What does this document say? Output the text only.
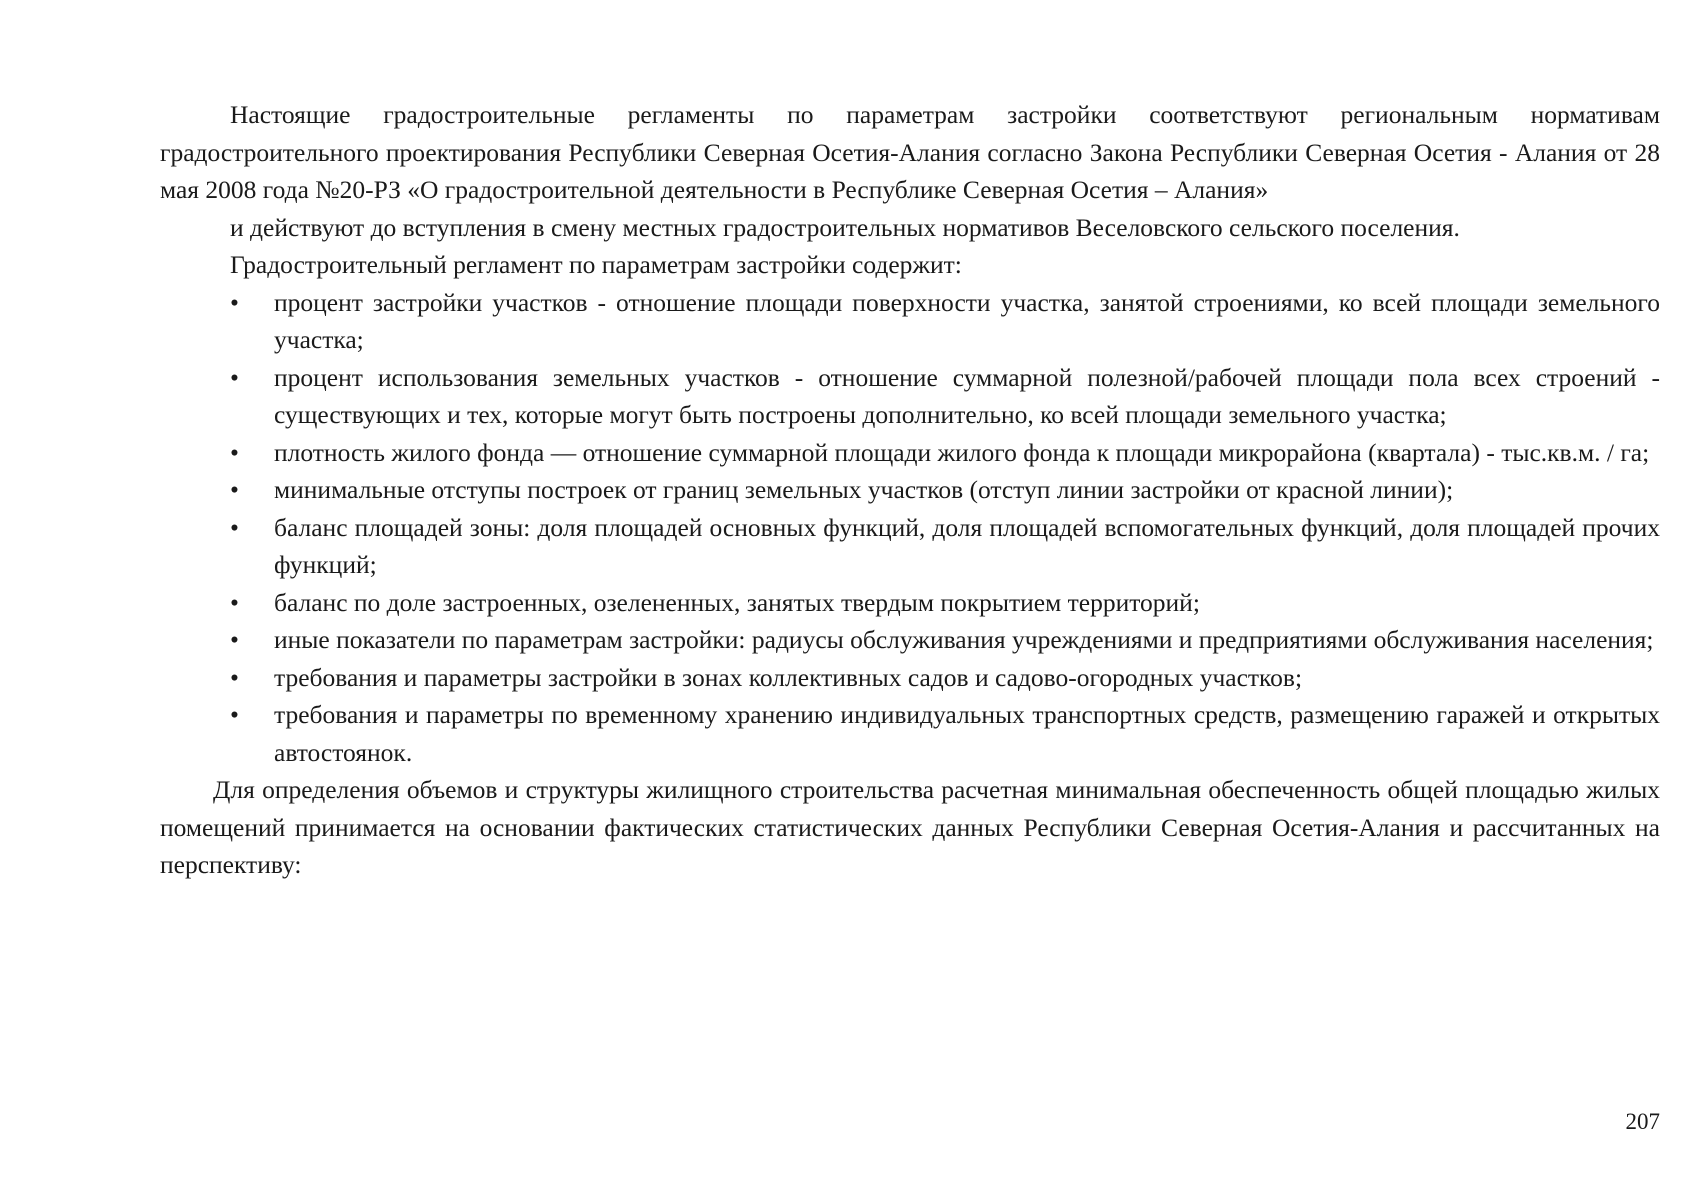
Настоящие градостроительные регламенты по параметрам застройки соответствуют региональным нормативам градостроительного проектирования Республики Северная Осетия-Алания согласно Закона Республики Северная Осетия - Алания от 28 мая 2008 года №20-РЗ «О градостроительной деятельности в Республике Северная Осетия – Алания»

и действуют до вступления в смену местных градостроительных нормативов Веселовского сельского поселения.

Градостроительный регламент по параметрам застройки содержит:

• процент застройки участков - отношение площади поверхности участка, занятой строениями, ко всей площади земельного участка;
• процент использования земельных участков - отношение суммарной полезной/рабочей площади пола всех строений - существующих и тех, которые могут быть построены дополнительно, ко всей площади земельного участка;
• плотность жилого фонда — отношение суммарной площади жилого фонда к площади микрорайона (квартала) - тыс.кв.м. / га;
• минимальные отступы построек от границ земельных участков (отступ линии застройки от красной линии);
• баланс площадей зоны: доля площадей основных функций, доля площадей вспомогательных функций, доля площадей прочих функций;
• баланс по доле застроенных, озелененных, занятых твердым покрытием территорий;
• иные показатели по параметрам застройки: радиусы обслуживания учреждениями и предприятиями обслуживания населения;
• требования и параметры застройки в зонах коллективных садов и садово-огородных участков;
• требования и параметры по временному хранению индивидуальных транспортных средств, размещению гаражей и открытых автостоянок.

Для определения объемов и структуры жилищного строительства расчетная минимальная обеспеченность общей площадью жилых помещений принимается на основании фактических статистических данных Республики Северная Осетия-Алания и рассчитанных на перспективу:

207
